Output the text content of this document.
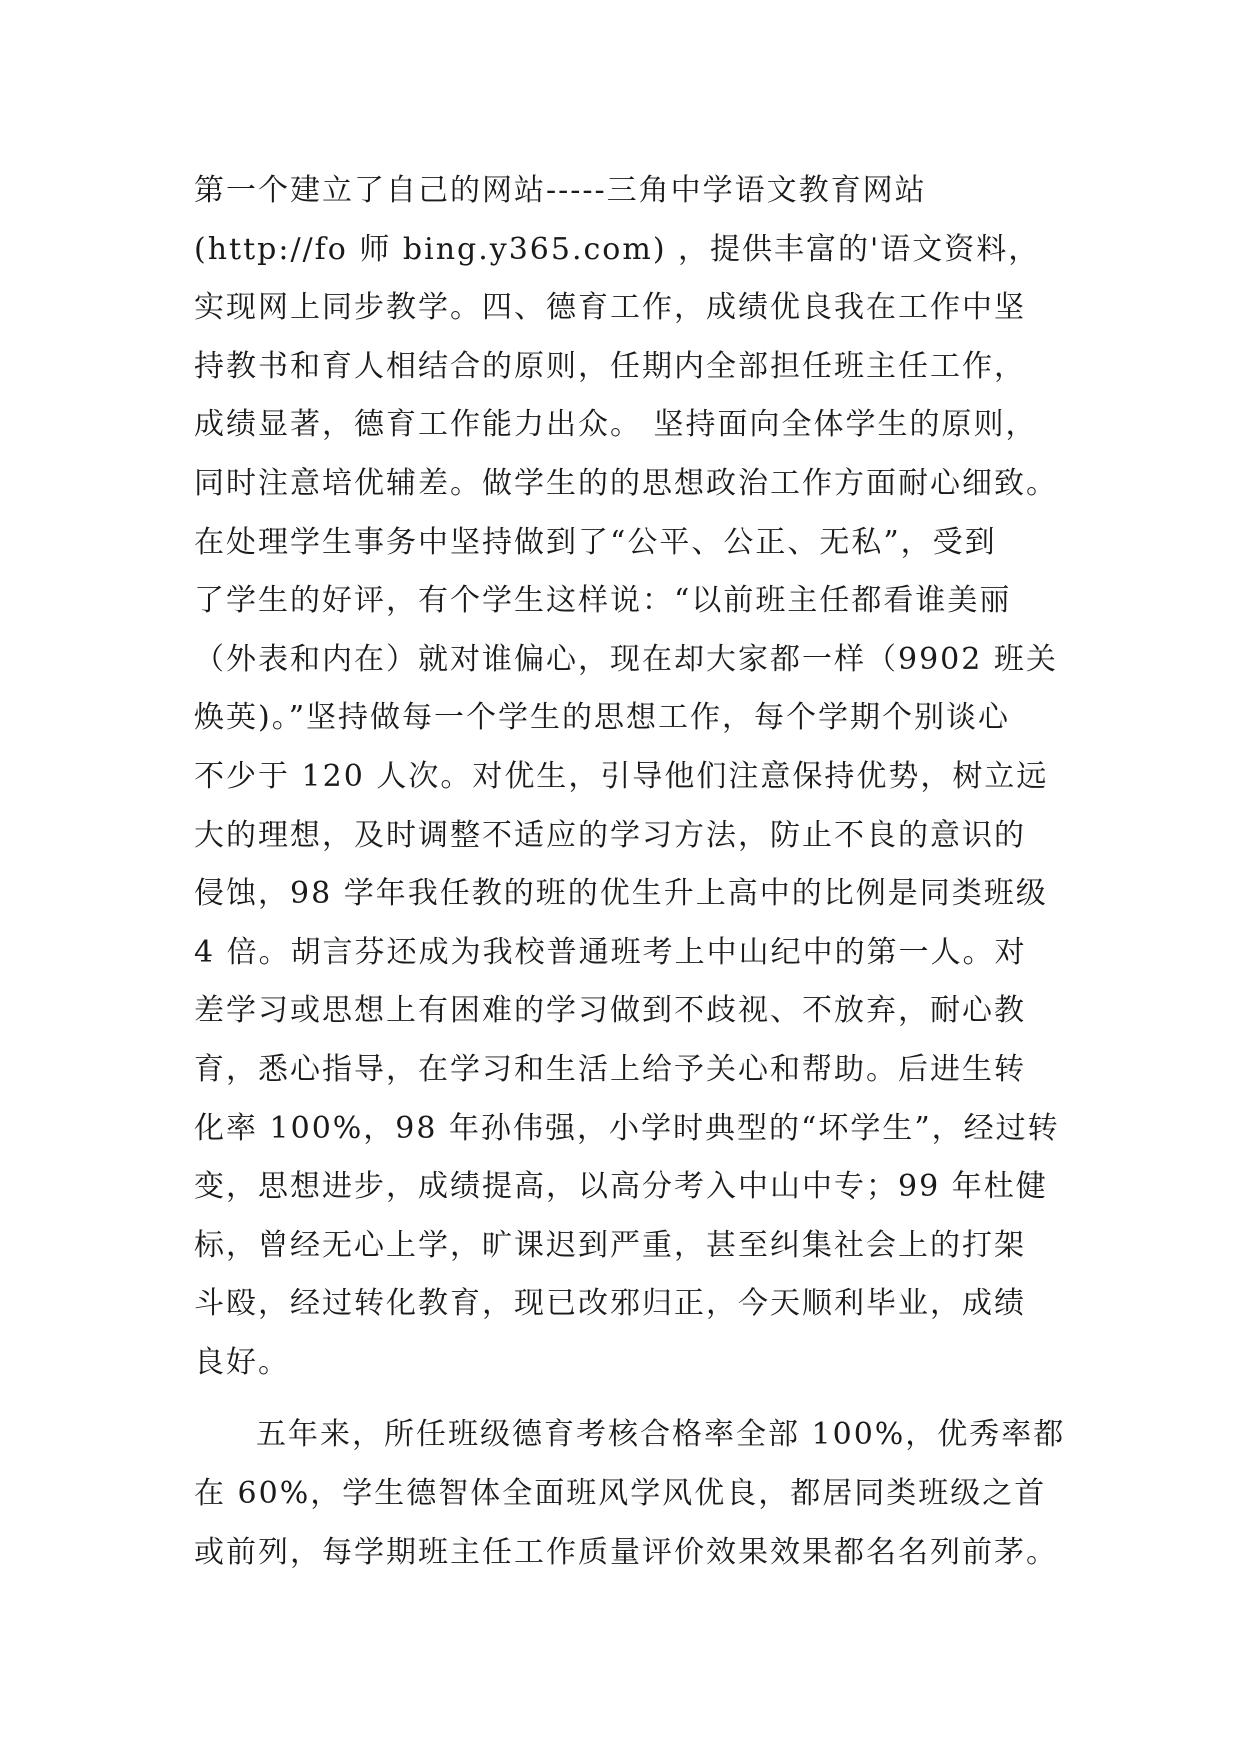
第一个建立了自己的网站-----三角中学语文教育网站
(http://fo 师 bing.y365.com) ，提供丰富的'语文资料，
实现网上同步教学。四、德育工作，成绩优良我在工作中坚
持教书和育人相结合的原则，任期内全部担任班主任工作，
成绩显著，德育工作能力出众。 坚持面向全体学生的原则，
同时注意培优辅差。做学生的的思想政治工作方面耐心细致。
在处理学生事务中坚持做到了“公平、公正、无私”，受到
了学生的好评，有个学生这样说：“以前班主任都看谁美丽
（外表和内在）就对谁偏心，现在却大家都一样（9902 班关
焕英)。”坚持做每一个学生的思想工作，每个学期个别谈心
不少于 120 人次。对优生，引导他们注意保持优势，树立远
大的理想，及时调整不适应的学习方法，防止不良的意识的
侵蚀，98 学年我任教的班的优生升上高中的比例是同类班级
4 倍。胡言芬还成为我校普通班考上中山纪中的第一人。对
差学习或思想上有困难的学习做到不歧视、不放弃，耐心教
育，悉心指导，在学习和生活上给予关心和帮助。后进生转
化率 100%，98 年孙伟强，小学时典型的“坏学生”，经过转
变，思想进步，成绩提高，以高分考入中山中专；99 年杜健
标，曾经无心上学，旷课迟到严重，甚至纠集社会上的打架
斗殴，经过转化教育，现已改邪归正，今天顺利毕业，成绩
良好。
五年来，所任班级德育考核合格率全部 100%，优秀率都
在 60%，学生德智体全面班风学风优良，都居同类班级之首
或前列，每学期班主任工作质量评价效果效果都名名列前茅。
